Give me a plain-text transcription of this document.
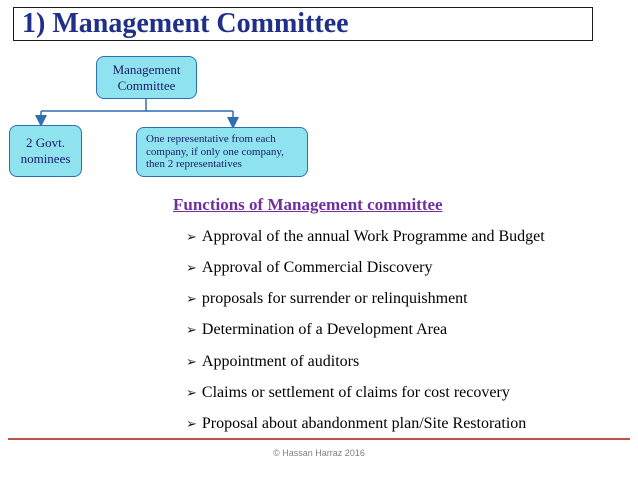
1) Management Committee
Management
Committee
2 Govt.
nominees
One representative from each
company, if only one company,
then 2 representatives
Functions of Management committee
➢ Approval of the annual Work Programme and Budget
➢ Approval of Commercial Discovery
➢ proposals for surrender or relinquishment
➢ Determination of a Development Area
➢ Appointment of auditors
➢ Claims or settlement of claims for cost recovery
➢ Proposal about abandonment plan/Site Restoration
© Hassan Harraz 2016
